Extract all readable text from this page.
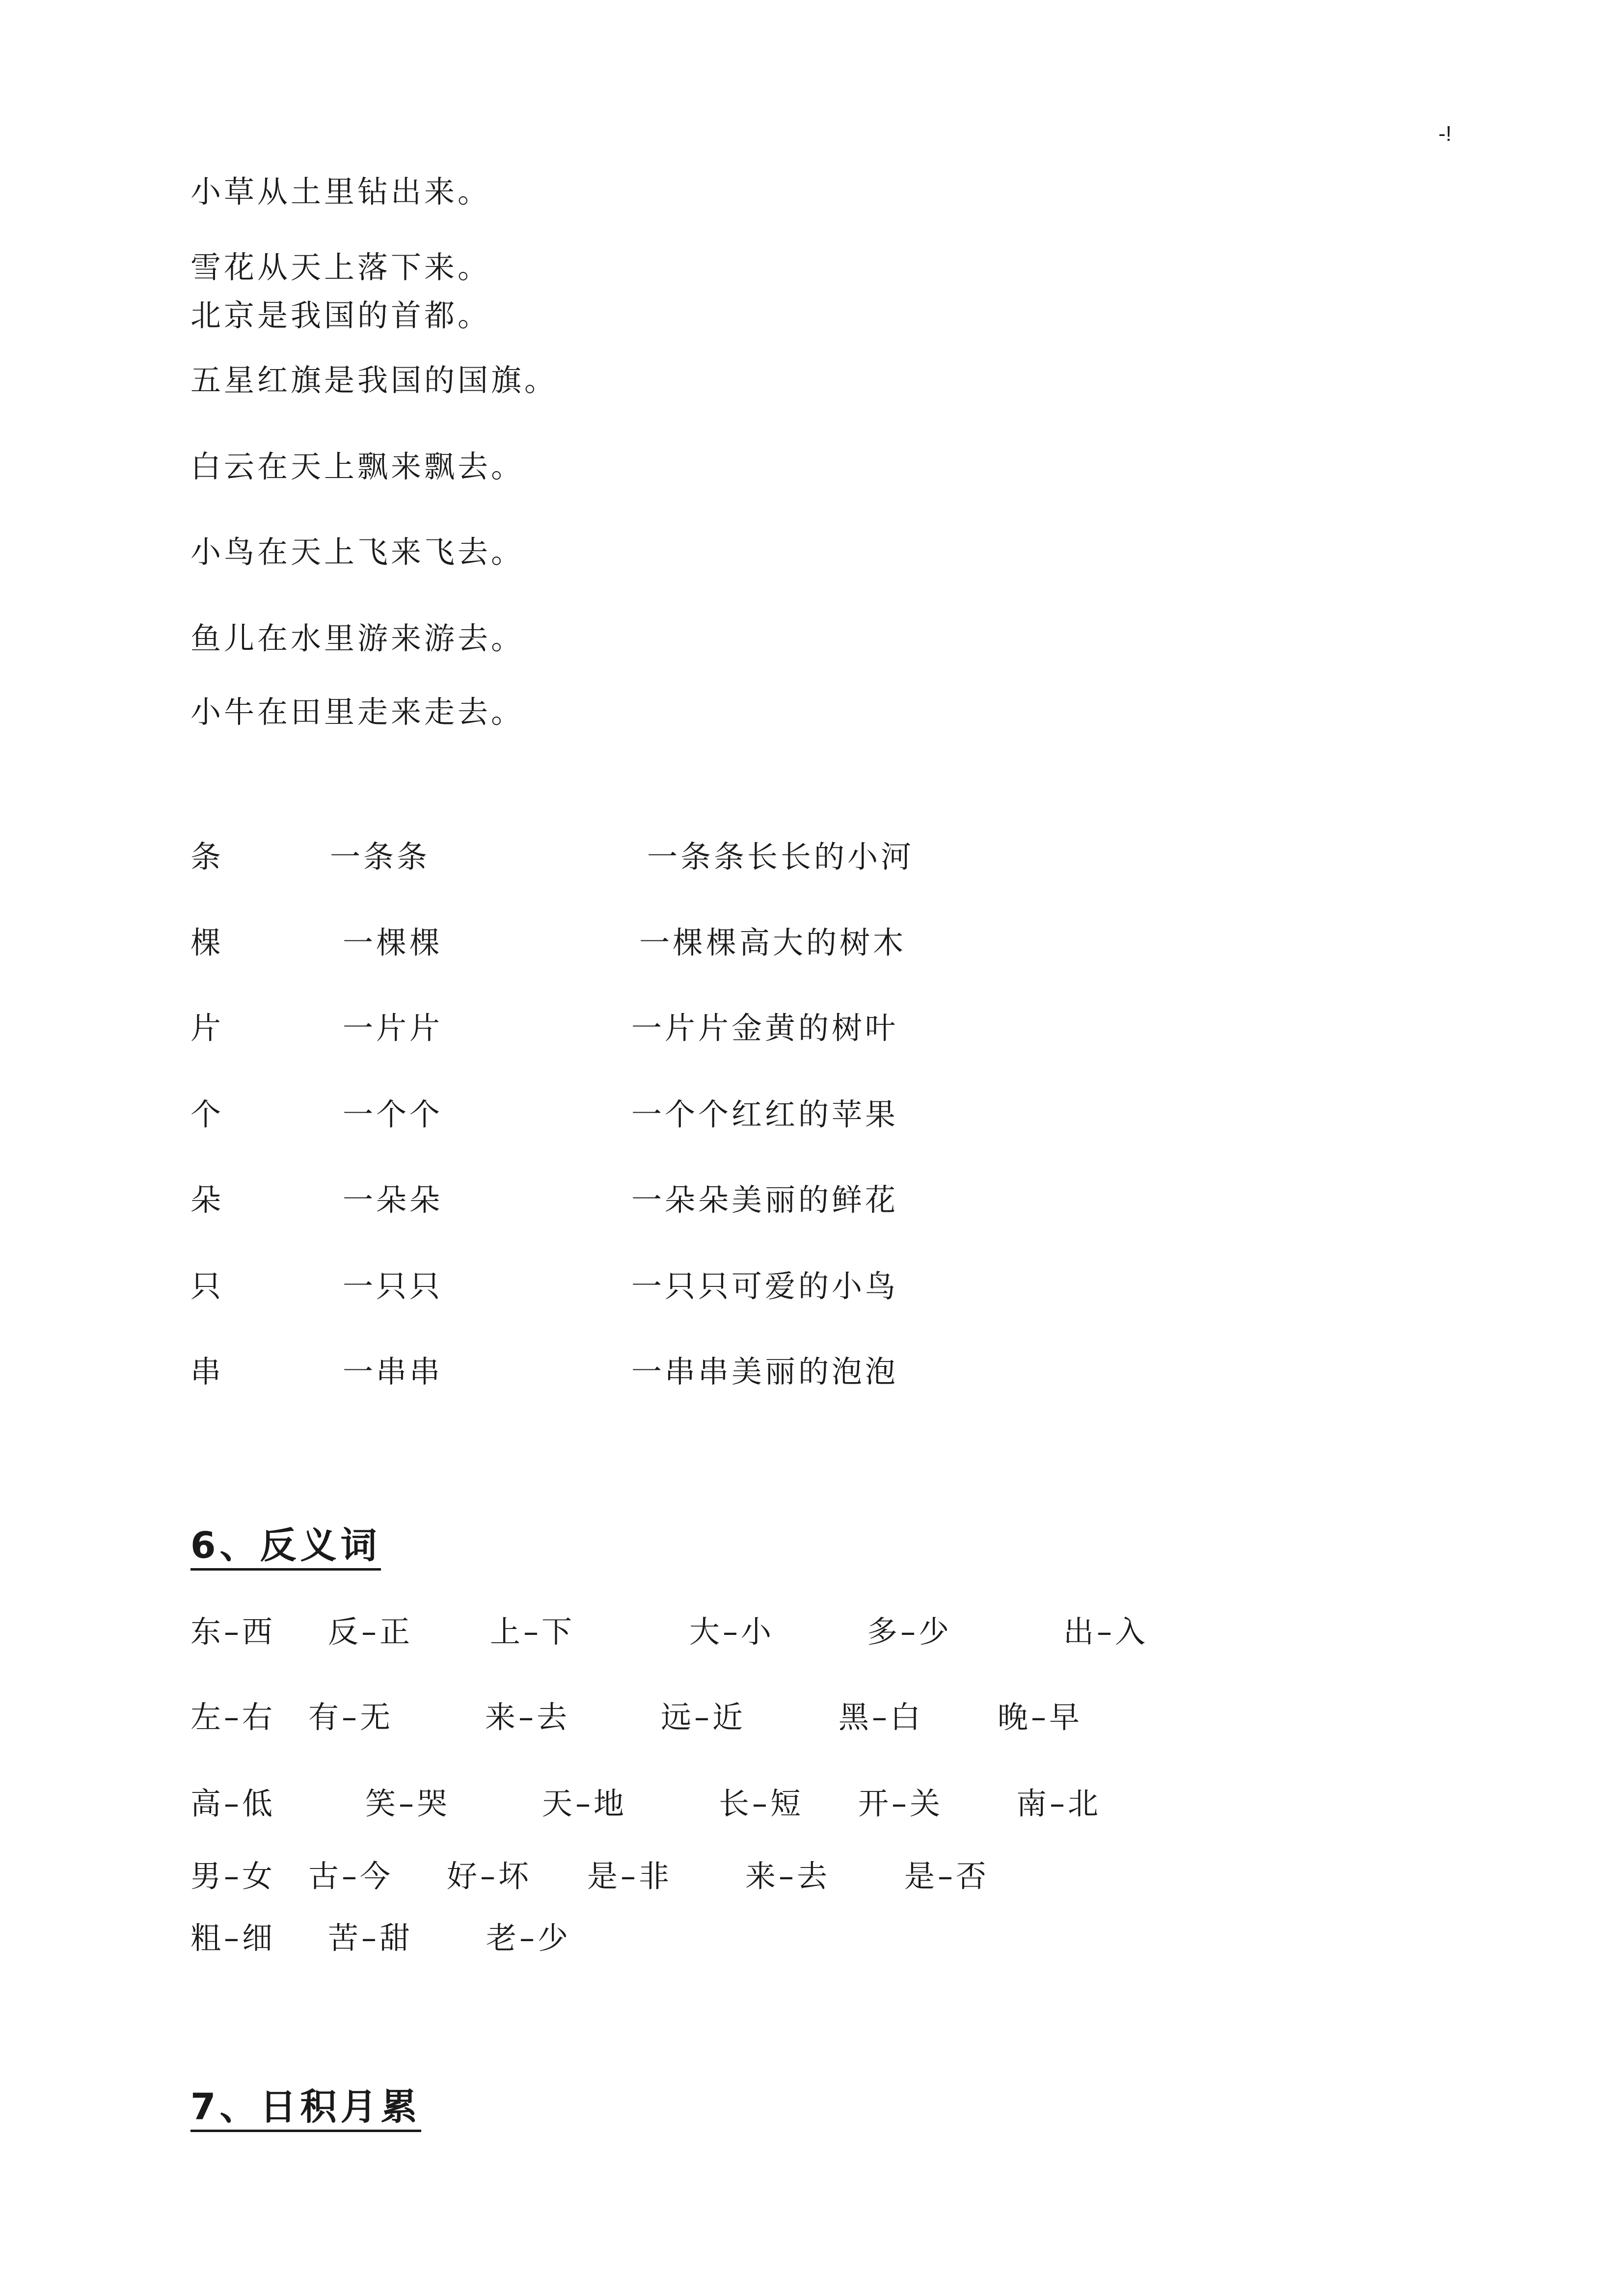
-!
小草从土里钻出来。
雪花从天上落下来。
北京是我国的首都。
五星红旗是我国的国旗。
白云在天上飘来飘去。
小鸟在天上飞来飞去。
鱼儿在水里游来游去。
小牛在田里走来走去。
条	一条条	一条条长长的小河
棵	一棵棵	一棵棵高大的树木
片	一片片	一片片金黄的树叶
个	一个个	一个个红红的苹果
朵	一朵朵	一朵朵美丽的鲜花
只	一只只	一只只可爱的小鸟
串	一串串	一串串美丽的泡泡
6、反义词
东–西 反–正	上–下	大–小	多–少	出–入
左–右 有–无	来–去	远–近	黑–白 晚–早
高–低	笑–哭	天–地	长–短 开–关 南–北
男–女 古–今 好–坏 是–非 来–去 是–否
粗–细 苦–甜 老–少
7、日积月累
